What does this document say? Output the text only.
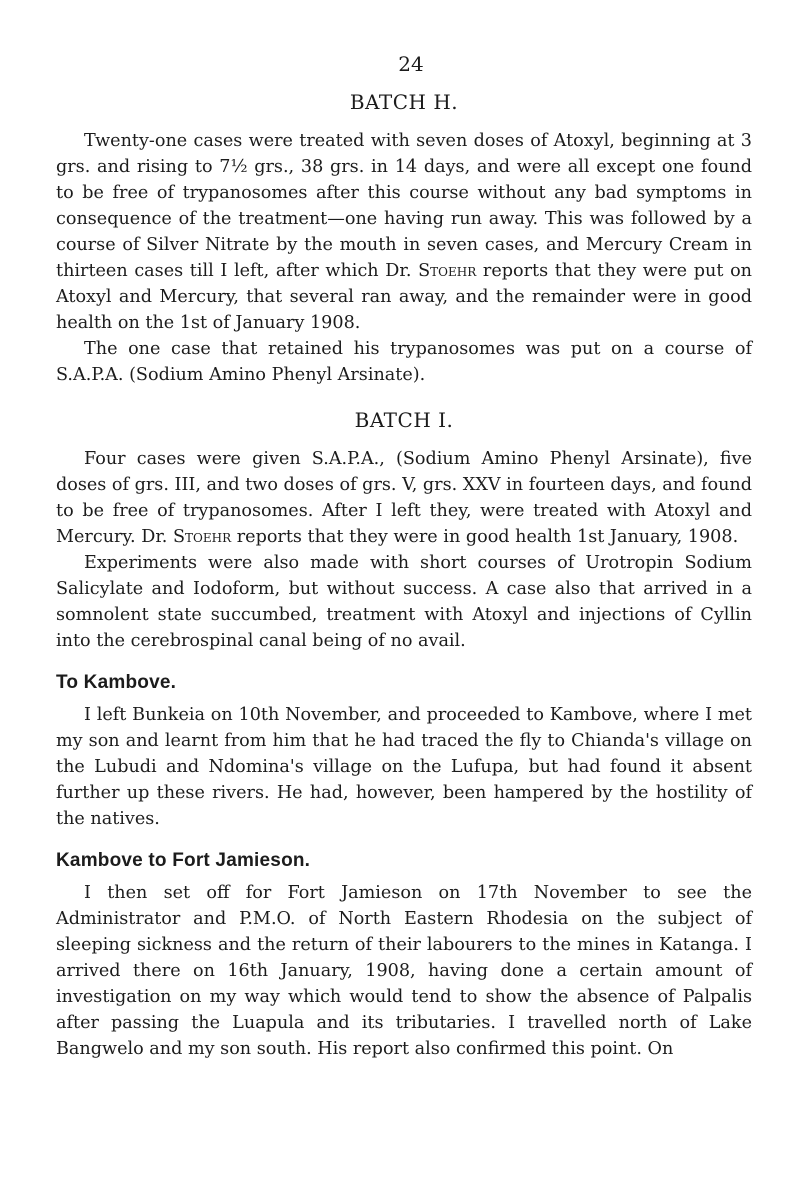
24
BATCH H.

Twenty-one cases were treated with seven doses of Atoxyl, beginning at 3 grs. and rising to 7½ grs., 38 grs. in 14 days, and were all except one found to be free of trypanosomes after this course without any bad symptoms in consequence of the treatment—one having run away. This was followed by a course of Silver Nitrate by the mouth in seven cases, and Mercury Cream in thirteen cases till I left, after which Dr. Stoehr reports that they were put on Atoxyl and Mercury, that several ran away, and the remainder were in good health on the 1st of January 1908.

The one case that retained his trypanosomes was put on a course of S.A.P.A. (Sodium Amino Phenyl Arsinate).

BATCH I.

Four cases were given S.A.P.A., (Sodium Amino Phenyl Arsinate), five doses of grs. III, and two doses of grs. V, grs. XXV in fourteen days, and found to be free of trypanosomes. After I left they, were treated with Atoxyl and Mercury. Dr. Stoehr reports that they were in good health 1st January, 1908.

Experiments were also made with short courses of Urotropin Sodium Salicylate and Iodoform, but without success. A case also that arrived in a somnolent state succumbed, treatment with Atoxyl and injections of Cyllin into the cerebrospinal canal being of no avail.

To Kambove.

I left Bunkeia on 10th November, and proceeded to Kambove, where I met my son and learnt from him that he had traced the fly to Chianda's village on the Lubudi and Ndomina's village on the Lufupa, but had found it absent further up these rivers. He had, however, been hampered by the hostility of the natives.

Kambove to Fort Jamieson.

I then set off for Fort Jamieson on 17th November to see the Administrator and P.M.O. of North Eastern Rhodesia on the subject of sleeping sickness and the return of their labourers to the mines in Katanga. I arrived there on 16th January, 1908, having done a certain amount of investigation on my way which would tend to show the absence of Palpalis after passing the Luapula and its tributaries. I travelled north of Lake Bangwelo and my son south. His report also confirmed this point. On
